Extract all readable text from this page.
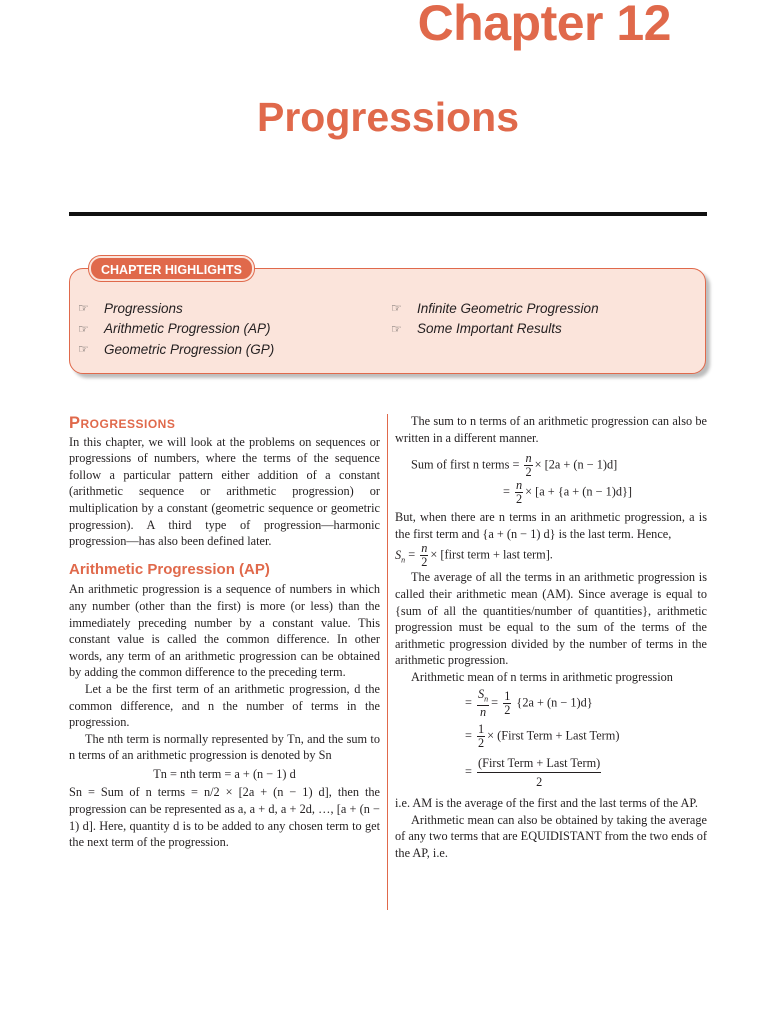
Chapter 12
Progressions
CHAPTER HIGHLIGHTS
☞	Progressions
☞	Arithmetic Progression (AP)
☞	Geometric Progression (GP)
☞	Infinite Geometric Progression
☞	Some Important Results
Progressions

In this chapter, we will look at the problems on sequences or progressions of numbers, where the terms of the sequence follow a particular pattern either addition of a constant (arithmetic sequence or arithmetic progression) or multiplication by a constant (geometric sequence or geometric progression). A third type of progression—harmonic progression—has also been defined later.

Arithmetic Progression (AP)

An arithmetic progression is a sequence of numbers in which any number (other than the first) is more (or less) than the immediately preceding number by a constant value. This constant value is called the common difference. In other words, any term of an arithmetic progression can be obtained by adding the common difference to the preceding term.

Let a be the first term of an arithmetic progression, d the common difference, and n the number of terms in the progression.

The nth term is normally represented by Tn, and the sum to n terms of an arithmetic progression is denoted by Sn

Tn = nth term = a + (n − 1) d

Sn = Sum of n terms = n/2 × [2a + (n − 1) d], then the progression can be represented as a, a + d, a + 2d, …, [a + (n − 1) d]. Here, quantity d is to be added to any chosen term to get the next term of the progression.

The sum to n terms of an arithmetic progression can also be written in a different manner.

Sum of first n terms = $\frac{n}{2} \times [2a + (n - 1)d]$

= $\frac{n}{2} \times [a + \{a + (n - 1)d\}]$

But, when there are n terms in an arithmetic progression, a is the first term and {a + (n − 1) d} is the last term. Hence,

$S_n = \frac{n}{2}$ × [first term + last term].

The average of all the terms in an arithmetic progression is called their arithmetic mean (AM). Since average is equal to {sum of all the quantities/number of quantities}, arithmetic progression must be equal to the sum of the terms of the arithmetic progression divided by the number of terms in the arithmetic progression.

Arithmetic mean of n terms in arithmetic progression

= $\frac{S_n}{n} = \frac{1}{2} \{2a + (n - 1)d\}$

= $\frac{1}{2}$ × (First Term + Last Term)

= $\frac{\text{(First Term + Last Term)}}{2}$

i.e. AM is the average of the first and the last terms of the AP.

Arithmetic mean can also be obtained by taking the average of any two terms that are EQUIDISTANT from the two ends of the AP, i.e.
